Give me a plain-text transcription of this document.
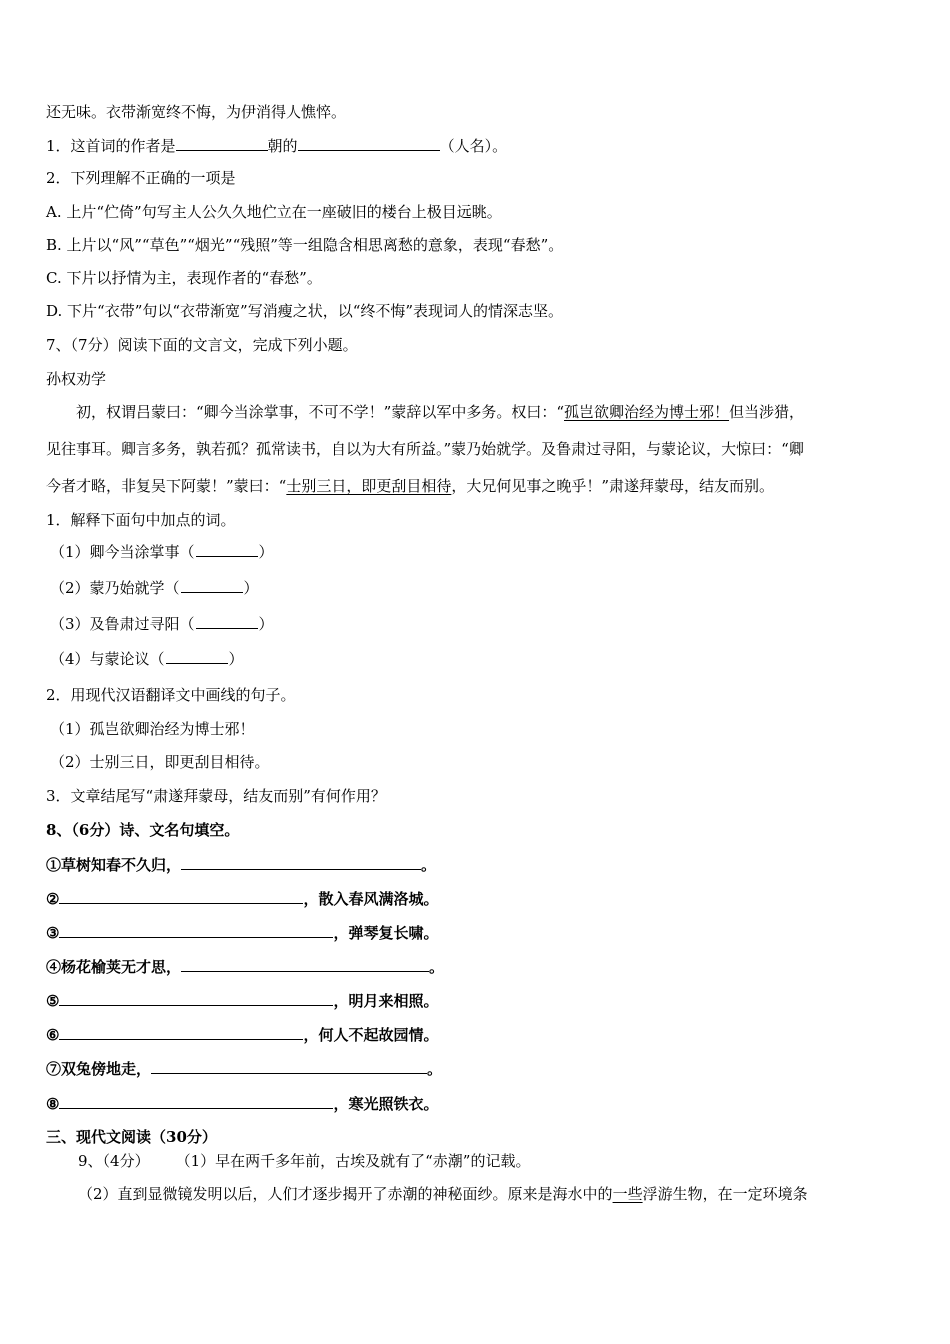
还无味。衣带渐宽终不悔，为伊消得人憔悴。
1．这首词的作者是	朝的	（人名）。
2．下列理解不正确的一项是
A. 上片“伫倚”句写主人公久久地伫立在一座破旧的楼台上极目远眺。
B. 上片以“风”“草色”“烟光”“残照”等一组隐含相思离愁的意象，表现“春愁”。
C. 下片以抒情为主，表现作者的“春愁”。
D. 下片“衣带”句以“衣带渐宽”写消瘦之状，以“终不悔”表现词人的情深志坚。
7、（7分）阅读下面的文言文，完成下列小题。
孙权劝学
初，权谓吕蒙曰：“卿今当涂掌事，不可不学！”蒙辞以军中多务。权曰：“孤岂欲卿治经为博士邪！但当涉猎，
见往事耳。卿言多务，孰若孤？孤常读书，自以为大有所益。”蒙乃始就学。及鲁肃过寻阳，与蒙论议，大惊曰：“卿
今者才略，非复吴下阿蒙！”蒙曰：“士别三日，即更刮目相待，大兄何见事之晚乎！”肃遂拜蒙母，结友而别。
1．解释下面句中加点的词。
（1）卿今当涂掌事（	）
（2）蒙乃始就学（	）
（3）及鲁肃过寻阳（	）
（4）与蒙论议（	）
2．用现代汉语翻译文中画线的句子。
（1）孤岂欲卿治经为博士邪！
（2）士别三日，即更刮目相待。
3．文章结尾写“肃遂拜蒙母，结友而别”有何作用？
8、（6分）诗、文名句填空。
①草树知春不久归，	。
②	，散入春风满洛城。
③	，弹琴复长啸。
④杨花榆荚无才思，	。
⑤	，明月来相照。
⑥	，何人不起故园情。
⑦双兔傍地走，	。
⑧	，寒光照铁衣。
三、现代文阅读（30分）
9、（4分） （1）早在两千多年前，古埃及就有了“赤潮”的记载。
（2）直到显微镜发明以后，人们才逐步揭开了赤潮的神秘面纱。原来是海水中的一些浮游生物，在一定环境条
